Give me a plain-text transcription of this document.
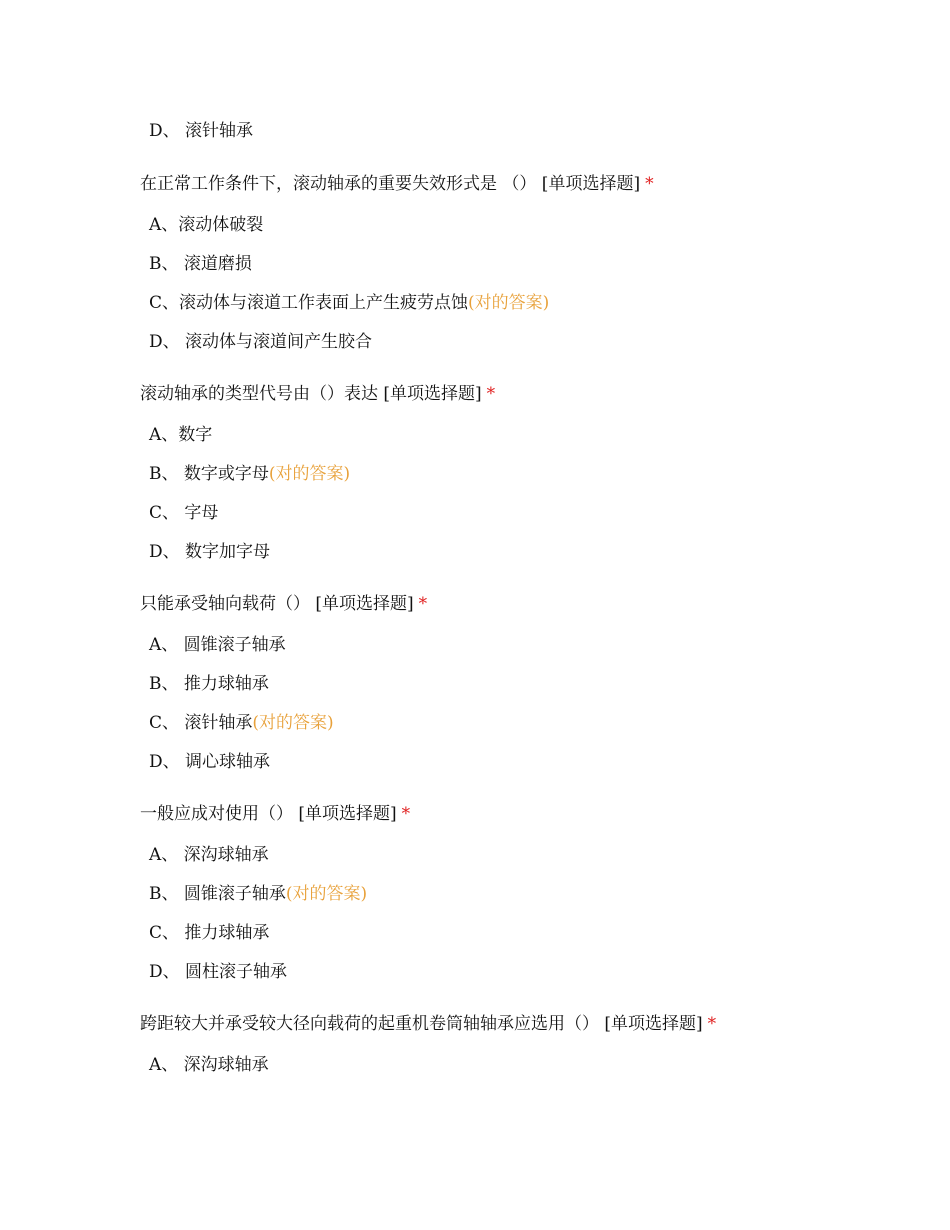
D、 滚针轴承
在正常工作条件下，滚动轴承的重要失效形式是 （） [单项选择题] *
A、滚动体破裂
B、 滚道磨损
C、滚动体与滚道工作表面上产生疲劳点蚀(对的答案)
D、 滚动体与滚道间产生胶合
滚动轴承的类型代号由（）表达 [单项选择题] *
A、数字
B、 数字或字母(对的答案)
C、 字母
D、 数字加字母
只能承受轴向载荷（） [单项选择题] *
A、 圆锥滚子轴承
B、 推力球轴承
C、 滚针轴承(对的答案)
D、 调心球轴承
一般应成对使用（） [单项选择题] *
A、 深沟球轴承
B、 圆锥滚子轴承(对的答案)
C、 推力球轴承
D、 圆柱滚子轴承
跨距较大并承受较大径向载荷的起重机卷筒轴轴承应选用（） [单项选择题] *
A、 深沟球轴承
